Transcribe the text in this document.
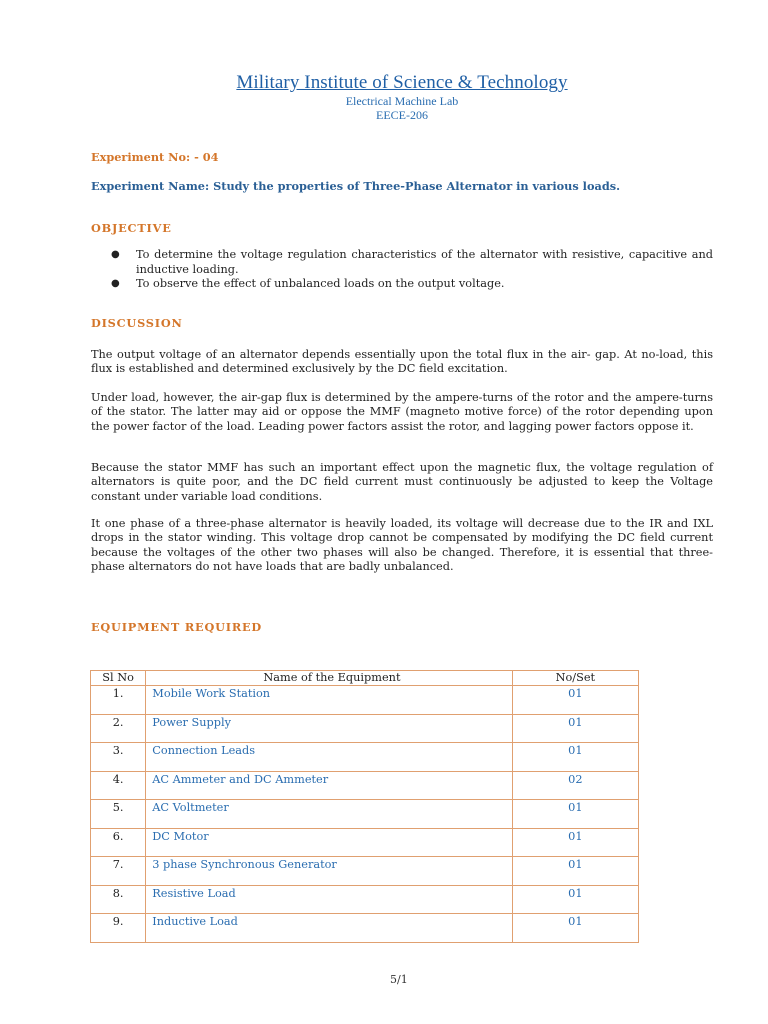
Military Institute of Science & Technology
Electrical Machine Lab
EECE-206
Experiment No: - 04
Experiment Name: Study the properties of Three-Phase Alternator in various loads.
OBJECTIVE
● To determine the voltage regulation characteristics of the alternator with resistive, capacitive and inductive loading.
● To observe the effect of unbalanced loads on the output voltage.
DISCUSSION
The output voltage of an alternator depends essentially upon the total flux in the air- gap. At no-load, this flux is established and determined exclusively by the DC field excitation.
Under load, however, the air-gap flux is determined by the ampere-turns of the rotor and the ampere-turns of the stator. The latter may aid or oppose the MMF (magneto motive force) of the rotor depending upon the power factor of the load. Leading power factors assist the rotor, and lagging power factors oppose it.
Because the stator MMF has such an important effect upon the magnetic flux, the voltage regulation of alternators is quite poor, and the DC field current must continuously be adjusted to keep the Voltage constant under variable load conditions.
It one phase of a three-phase alternator is heavily loaded, its voltage will decrease due to the IR and IXL drops in the stator winding. This voltage drop cannot be compensated by modifying the DC field current because the voltages of the other two phases will also be changed. Therefore, it is essential that three-phase alternators do not have loads that are badly unbalanced.
EQUIPMENT REQUIRED
Sl No	Name of the Equipment	No/Set
1.	Mobile Work Station	01
2.	Power Supply	01
3.	Connection Leads	01
4.	AC Ammeter and DC Ammeter	02
5.	AC Voltmeter	01
6.	DC Motor	01
7.	3 phase Synchronous Generator	01
8.	Resistive Load	01
9.	Inductive Load	01
5/1
